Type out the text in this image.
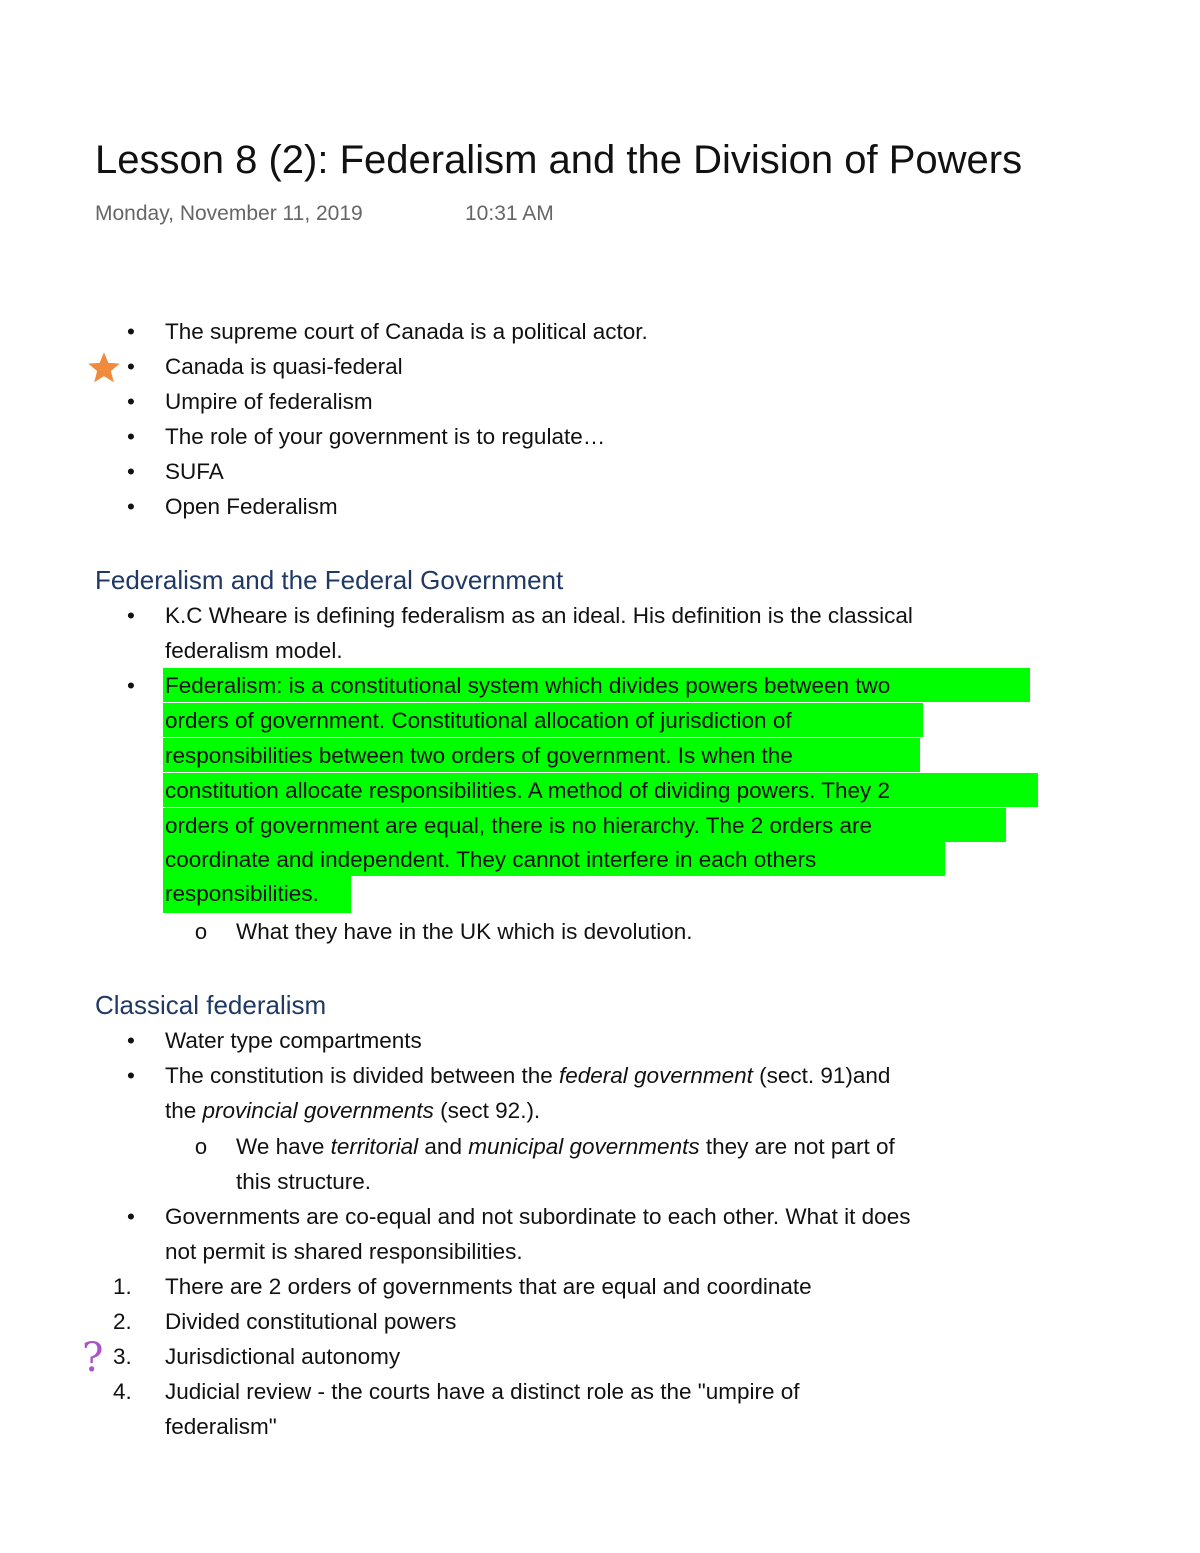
Lesson 8 (2): Federalism and the Division of Powers
Monday, November 11, 2019	10:31 AM
• The supreme court of Canada is a political actor.
• Canada is quasi-federal
• Umpire of federalism
• The role of your government is to regulate…
• SUFA
• Open Federalism
Federalism and the Federal Government
• K.C Wheare is defining federalism as an ideal. His definition is the classical
federalism model.
• Federalism: is a constitutional system which divides powers between two
orders of government. Constitutional allocation of jurisdiction of
responsibilities between two orders of government. Is when the
constitution allocate responsibilities. A method of dividing powers. They 2
orders of government are equal, there is no hierarchy. The 2 orders are
coordinate and independent. They cannot interfere in each others
responsibilities.
o What they have in the UK which is devolution.
Classical federalism
• Water type compartments
• The constitution is divided between the federal government (sect. 91)and
the provincial governments (sect 92.).
o We have territorial and municipal governments they are not part of
this structure.
• Governments are co-equal and not subordinate to each other. What it does
not permit is shared responsibilities.
1.	There are 2 orders of governments that are equal and coordinate
2.	Divided constitutional powers
3.	Jurisdictional autonomy
4.	Judicial review - the courts have a distinct role as the "umpire of
federalism"
?
